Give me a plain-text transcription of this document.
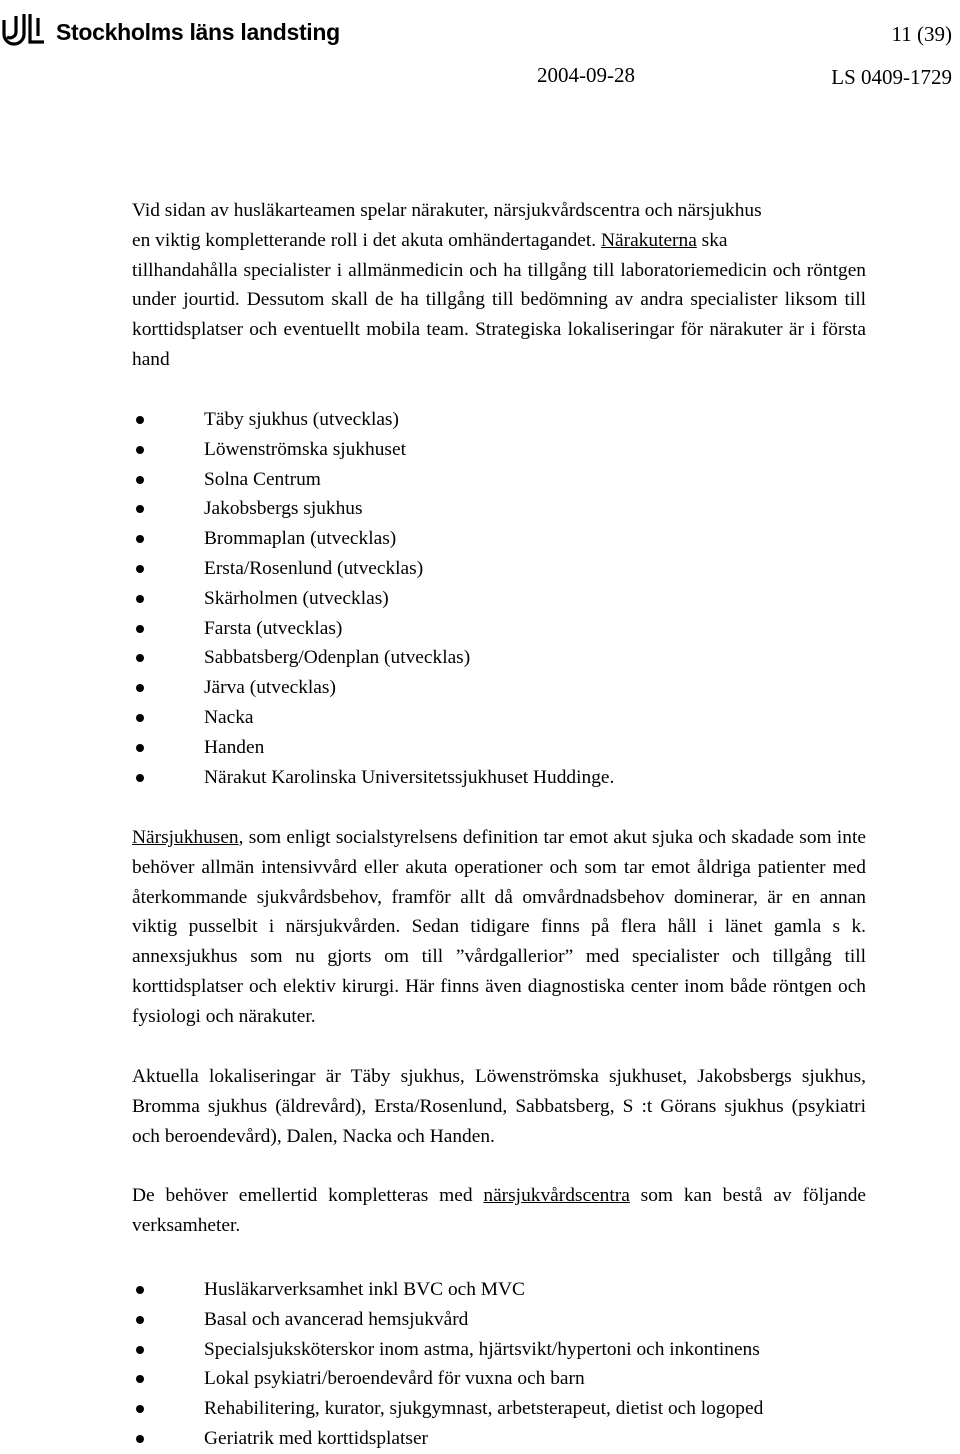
Stockholms läns landsting	11 (39)
2004-09-28	LS 0409-1729
Vid sidan av husläkarteamen spelar närakuter, närsjukvårdscentra och närsjukhus
en viktig kompletterande roll i det akuta omhändertagandet. Närakuterna ska

tillhandahålla specialister i allmänmedicin och ha tillgång till laboratoriemedicin och röntgen under jourtid. Dessutom skall de ha tillgång till bedömning av andra specialister liksom till korttidsplatser och eventuellt mobila team. Strategiska lokaliseringar för närakuter är i första hand

Täby sjukhus (utvecklas)
Löwenströmska sjukhuset
Solna Centrum
Jakobsbergs sjukhus
Brommaplan (utvecklas)
Ersta/Rosenlund (utvecklas)
Skärholmen (utvecklas)
Farsta (utvecklas)
Sabbatsberg/Odenplan (utvecklas)
Järva (utvecklas)
Nacka
Handen
Närakut Karolinska Universitetssjukhuset Huddinge.

Närsjukhusen, som enligt socialstyrelsens definition tar emot akut sjuka och skadade som inte behöver allmän intensivvård eller akuta operationer och som tar emot åldriga patienter med återkommande sjukvårdsbehov, framför allt då omvårdnadsbehov dominerar, är en annan viktig pusselbit i närsjukvården. Sedan tidigare finns på flera håll i länet gamla s k. annexsjukhus som nu gjorts om till ”vårdgallerior” med specialister och tillgång till korttidsplatser och elektiv kirurgi. Här finns även diagnostiska center inom både röntgen och fysiologi och närakuter.

Aktuella lokaliseringar är Täby sjukhus, Löwenströmska sjukhuset, Jakobsbergs sjukhus, Bromma sjukhus (äldrevård), Ersta/Rosenlund, Sabbatsberg, S :t Görans sjukhus (psykiatri och beroendevård), Dalen, Nacka och Handen.

De behöver emellertid kompletteras med närsjukvårdscentra som kan bestå av följande verksamheter.

Husläkarverksamhet inkl BVC och MVC
Basal och avancerad hemsjukvård
Specialsjuksköterskor inom astma, hjärtsvikt/hypertoni och inkontinens
Lokal psykiatri/beroendevård för vuxna och barn
Rehabilitering, kurator, sjukgymnast, arbetsterapeut, dietist och logoped
Geriatrik med korttidsplatser
